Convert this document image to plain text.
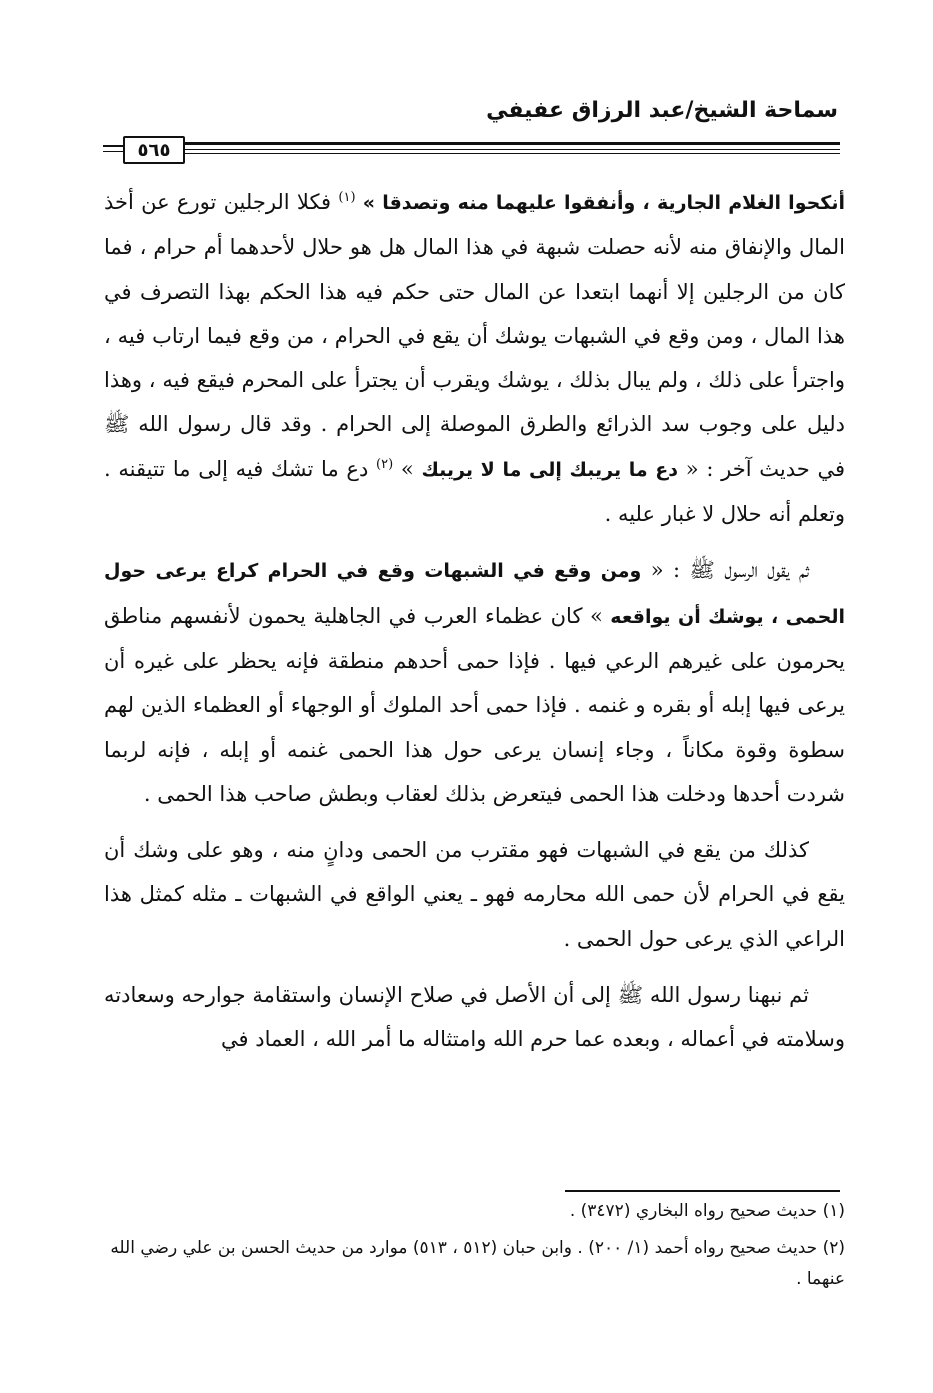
سماحة الشيخ/عبد الرزاق عفيفي
٥٦٥

أنكحوا الغلام الجارية ، وأنفقوا عليهما منه وتصدقا » $^{(١)}$ فكلا الرجلين تورع عن أخذ المال والإنفاق منه لأنه حصلت شبهة في هذا المال هل هو حلال لأحدهما أم حرام ، فما كان من الرجلين إلا أنهما ابتعدا عن المال حتى حكم فيه هذا الحكم بهذا التصرف في هذا المال ، ومن وقع في الشبهات يوشك أن يقع في الحرام ، من وقع فيما ارتاب فيه ، واجترأ على ذلك ، ولم يبال بذلك ، يوشك ويقرب أن يجترأ على المحرم فيقع فيه ، وهذا دليل على وجوب سد الذرائع والطرق الموصلة إلى الحرام . وقد قال رسول الله ﷺ في حديث آخر : « دع ما يريبك إلى ما لا يريبك » $^{(٢)}$ دع ما تشك فيه إلى ما تتيقنه . وتعلم أنه حلال لا غبار عليه .

ثم يقول الرسول ﷺ : « ومن وقع في الشبهات وقع في الحرام كراع يرعى حول الحمى ، يوشك أن يواقعه » كان عظماء العرب في الجاهلية يحمون لأنفسهم مناطق يحرمون على غيرهم الرعي فيها . فإذا حمى أحدهم منطقة فإنه يحظر على غيره أن يرعى فيها إبله أو بقره و غنمه . فإذا حمى أحد الملوك أو الوجهاء أو العظماء الذين لهم سطوة وقوة مكاناً ، وجاء إنسان يرعى حول هذا الحمى غنمه أو إبله ، فإنه لربما شردت أحدها ودخلت هذا الحمى فيتعرض بذلك لعقاب وبطش صاحب هذا الحمى .

كذلك من يقع في الشبهات فهو مقترب من الحمى ودانٍ منه ، وهو على وشك أن يقع في الحرام لأن حمى الله محارمه فهو ـ يعني الواقع في الشبهات ـ مثله كمثل هذا الراعي الذي يرعى حول الحمى .

ثم نبهنا رسول الله ﷺ إلى أن الأصل في صلاح الإنسان واستقامة جوارحه وسعادته وسلامته في أعماله ، وبعده عما حرم الله وامتثاله ما أمر الله ، العماد في

(١) حديث صحيح رواه البخاري (٣٤٧٢) .
(٢) حديث صحيح رواه أحمد (١/ ٢٠٠) . وابن حبان (٥١٢ ، ٥١٣) موارد من حديث الحسن بن علي رضي الله عنهما .
